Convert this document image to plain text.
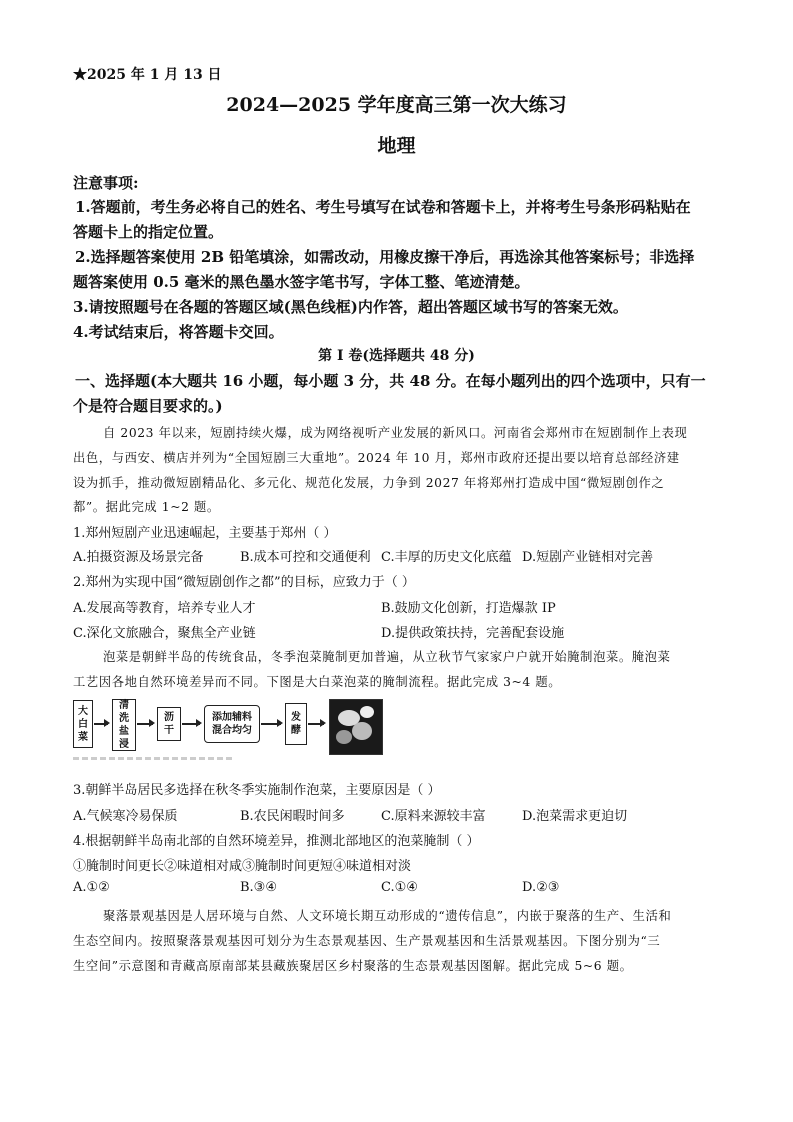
★2025 年 1 月 13 日
2024—2025 学年度高三第一次大练习
地理
注意事项:
1.答题前，考生务必将自己的姓名、考生号填写在试卷和答题卡上，并将考生号条形码粘贴在
答题卡上的指定位置。
2.选择题答案使用 2B 铅笔填涂，如需改动，用橡皮擦干净后，再选涂其他答案标号；非选择
题答案使用 0.5 毫米的黑色墨水签字笔书写，字体工整、笔迹清楚。
3.请按照题号在各题的答题区域(黑色线框)内作答，超出答题区域书写的答案无效。
4.考试结束后，将答题卡交回。
第 I 卷(选择题共 48 分)
一、选择题(本大题共 16 小题，每小题 3 分，共 48 分。在每小题列出的四个选项中，只有一
个是符合题目要求的。)
自 2023 年以来，短剧持续火爆，成为网络视听产业发展的新风口。河南省会郑州市在短剧制作上表现
出色，与西安、横店并列为“全国短剧三大重地”。2024 年 10 月，郑州市政府还提出要以培育总部经济建
设为抓手，推动微短剧精品化、多元化、规范化发展，力争到 2027 年将郑州打造成中国“微短剧创作之
都”。据此完成 1~2 题。
1.郑州短剧产业迅速崛起，主要基于郑州（ ）
A.拍摄资源及场景完备	B.成本可控和交通便利 C.丰厚的历史文化底蕴 D.短剧产业链相对完善
2.郑州为实现中国“微短剧创作之都”的目标，应致力于（ ）
A.发展高等教育，培养专业人才	B.鼓励文化创新，打造爆款 IP
C.深化文旅融合，聚焦全产业链	D.提供政策扶持，完善配套设施
泡菜是朝鲜半岛的传统食品，冬季泡菜腌制更加普遍，从立秋节气家家户户就开始腌制泡菜。腌泡菜
工艺因各地自然环境差异而不同。下图是大白菜泡菜的腌制流程。据此完成 3~4 题。
大
白
菜
清
洗
盐
浸
沥
干
添加辅料
混合均匀
发
酵
3.朝鲜半岛居民多选择在秋冬季实施制作泡菜，主要原因是（ ）
A.气候寒冷易保质	B.农民闲暇时间多	C.原料来源较丰富	D.泡菜需求更迫切
4.根据朝鲜半岛南北部的自然环境差异，推测北部地区的泡菜腌制（ ）
①腌制时间更长②味道相对咸③腌制时间更短④味道相对淡
A.①②	B.③④	C.①④	D.②③
聚落景观基因是人居环境与自然、人文环境长期互动形成的“遗传信息”，内嵌于聚落的生产、生活和
生态空间内。按照聚落景观基因可划分为生态景观基因、生产景观基因和生活景观基因。下图分别为“三
生空间”示意图和青藏高原南部某县藏族聚居区乡村聚落的生态景观基因图解。据此完成 5~6 题。
